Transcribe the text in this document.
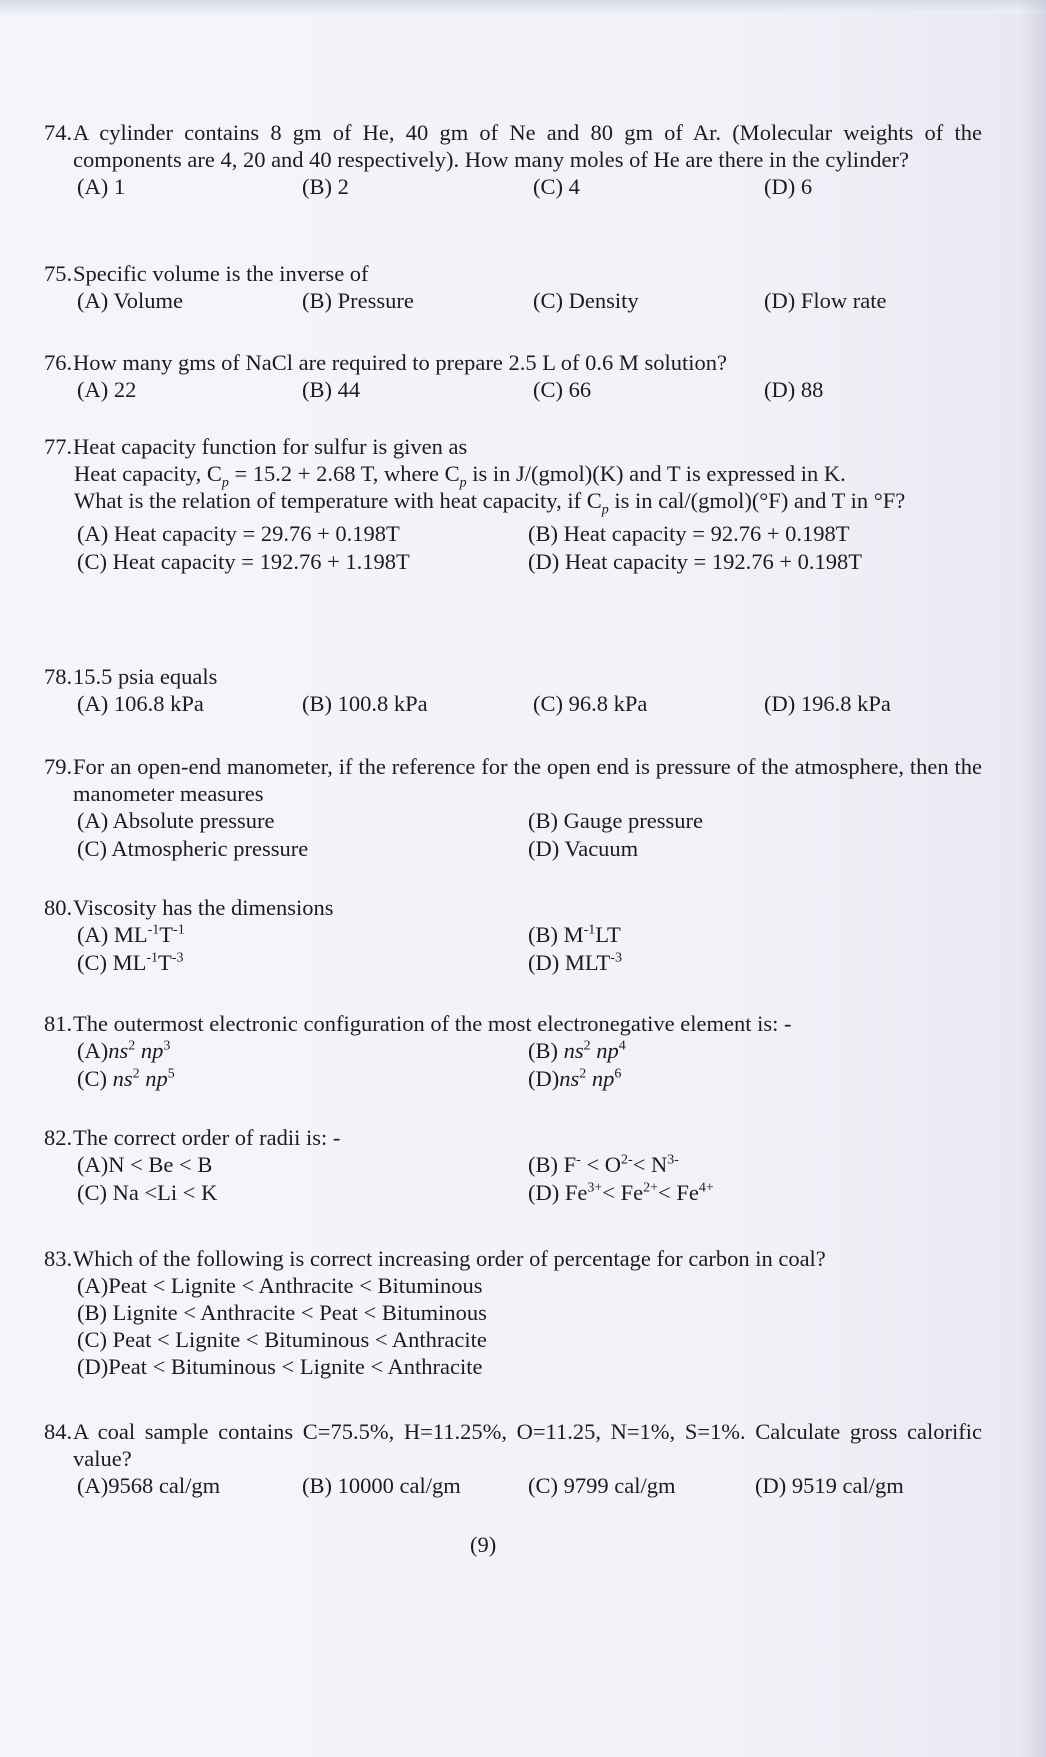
74. A cylinder contains 8 gm of He, 40 gm of Ne and 80 gm of Ar. (Molecular weights of the components are 4, 20 and 40 respectively). How many moles of He are there in the cylinder?
(A) 1	(B) 2	(C) 4	(D) 6
75. Specific volume is the inverse of
(A) Volume	(B) Pressure	(C) Density	(D) Flow rate
76. How many gms of NaCl are required to prepare 2.5 L of 0.6 M solution?
(A) 22	(B) 44	(C) 66	(D) 88
77. Heat capacity function for sulfur is given as
Heat capacity, $C_p = 15.2 + 2.68$ T, where $C_p$ is in J/(gmol)(K) and T is expressed in K.
What is the relation of temperature with heat capacity, if $C_p$ is in cal/(gmol)(°F) and T in °F?
(A) Heat capacity = 29.76 + 0.198T	(B) Heat capacity = 92.76 + 0.198T
(C) Heat capacity = 192.76 + 1.198T	(D) Heat capacity = 192.76 + 0.198T
78. 15.5 psia equals
(A) 106.8 kPa	(B) 100.8 kPa	(C) 96.8 kPa	(D) 196.8 kPa
79. For an open-end manometer, if the reference for the open end is pressure of the atmosphere, then the manometer measures
(A) Absolute pressure	(B) Gauge pressure
(C) Atmospheric pressure	(D) Vacuum
80. Viscosity has the dimensions
(A) $ML^{-1}T^{-1}$	(B) $M^{-1}LT$
(C) $ML^{-1}T^{-3}$	(D) $MLT^{-3}$
81. The outermost electronic configuration of the most electronegative element is: -
$(A)ns^2$ $np^3$	(B) $ns^2$ $np^4$
(C) $ns^2$ $np^5$	$(D)ns^2$ $np^6$
82. The correct order of radii is: -
(A)N < Be < B	(B) $F^- < O^{2-}< N^{3-}$
(C) Na <Li < K	(D) $Fe^{3+}< Fe^{2+}< Fe^{4+}$
83. Which of the following is correct increasing order of percentage for carbon in coal?
(A)Peat < Lignite < Anthracite < Bituminous
(B) Lignite < Anthracite < Peat < Bituminous
(C) Peat < Lignite < Bituminous < Anthracite
(D)Peat < Bituminous < Lignite < Anthracite
84. A coal sample contains C=75.5%, H=11.25%, O=11.25, N=1%, S=1%. Calculate gross calorific value?
(A)9568 cal/gm	(B) 10000 cal/gm	(C) 9799 cal/gm	(D) 9519 cal/gm
(9)
